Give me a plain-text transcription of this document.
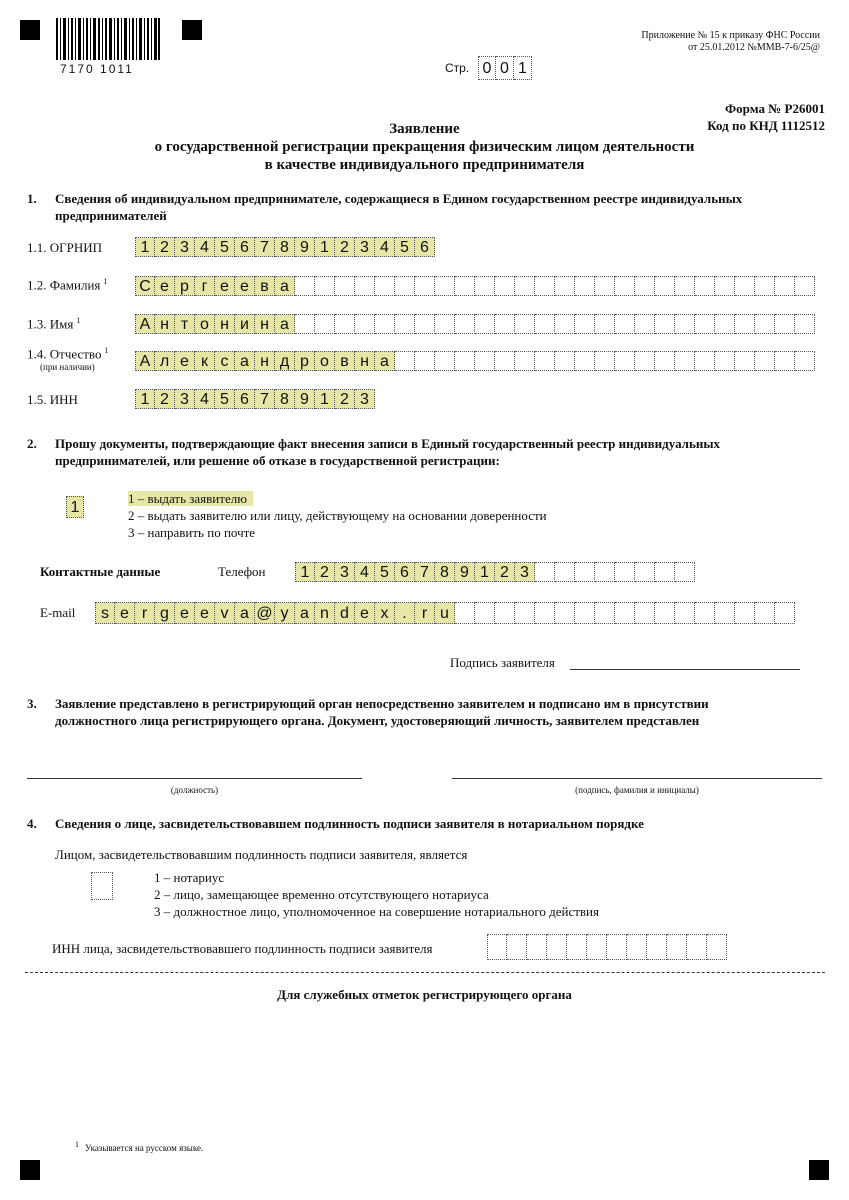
7170 1011
Приложение № 15 к приказу ФНС России
от 25.01.2012 №ММВ-7-6/25@
Стр. 0 0 1
Форма № Р26001
Код по КНД 1112512
Заявление
о государственной регистрации прекращения физическим лицом деятельности
в качестве индивидуального предпринимателя
1. Сведения об индивидуальном предпринимателе, содержащиеся в Едином государственном реестре индивидуальных
предпринимателей
1.1. ОГРНИП	1 2 3 4 5 6 7 8 9 1 2 3 4 5 6
1.2. Фамилия $^1$ С е р г е е в а
1.3. Имя $^1$	А н т о н и н а
1.4. Отчество $^1$
(при наличии)	А л е к с а н д р о в н а
1.5. ИНН	1 2 3 4 5 6 7 8 9 1 2 3
2. Прошу документы, подтверждающие факт внесения записи в Единый государственный реестр индивидуальных
предпринимателей, или решение об отказе в государственной регистрации:
1
1 – выдать заявителю
2 – выдать заявителю или лицу, действующему на основании доверенности
3 – направить по почте
Контактные данные	Телефон	1 2 3 4 5 6 7 8 9 1 2 3
E-mail	s e r g e e v a @ y a n d e x . r u
Подпись заявителя
3. Заявление представлено в регистрирующий орган непосредственно заявителем и подписано им в присутствии
должностного лица регистрирующего органа. Документ, удостоверяющий личность, заявителем представлен
(должность)	(подпись, фамилия и инициалы)
4. Сведения о лице, засвидетельствовавшем подлинность подписи заявителя в нотариальном порядке
Лицом, засвидетельствовавшим подлинность подписи заявителя, является
1 – нотариус
2 – лицо, замещающее временно отсутствующего нотариуса
3 – должностное лицо, уполномоченное на совершение нотариального действия
ИНН лица, засвидетельствовавшего подлинность подписи заявителя
Для служебных отметок регистрирующего органа
1 Указывается на русском языке.
